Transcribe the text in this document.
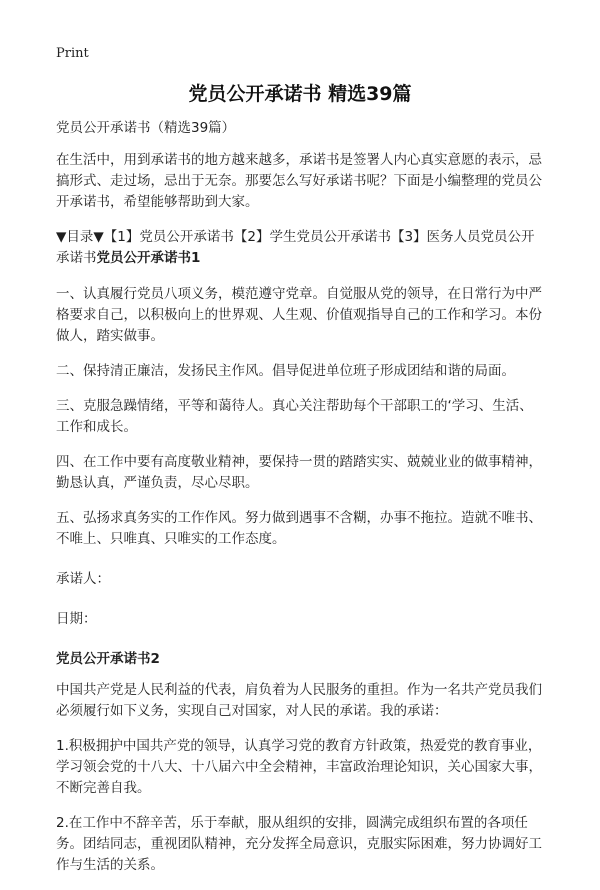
Print
党员公开承诺书 精选39篇

党员公开承诺书（精选39篇）

在生活中，用到承诺书的地方越来越多，承诺书是签署人内心真实意愿的表示，忌搞形式、走过场，忌出于无奈。那要怎么写好承诺书呢？下面是小编整理的党员公开承诺书，希望能够帮助到大家。

▼目录▼【1】党员公开承诺书【2】学生党员公开承诺书【3】医务人员党员公开承诺书党员公开承诺书1

一、认真履行党员八项义务，模范遵守党章。自觉服从党的领导，在日常行为中严格要求自己，以积极向上的世界观、人生观、价值观指导自己的工作和学习。本份做人，踏实做事。

二、保持清正廉洁，发扬民主作风。倡导促进单位班子形成团结和谐的局面。

三、克服急躁情绪，平等和蔼待人。真心关注帮助每个干部职工的‘学习、生活、工作和成长。

四、在工作中要有高度敬业精神，要保持一贯的踏踏实实、兢兢业业的做事精神，勤恳认真，严谨负责，尽心尽职。

五、弘扬求真务实的工作作风。努力做到遇事不含糊，办事不拖拉。造就不唯书、不唯上、只唯真、只唯实的工作态度。

承诺人：

日期：

党员公开承诺书2

中国共产党是人民利益的代表，肩负着为人民服务的重担。作为一名共产党员我们必须履行如下义务，实现自己对国家，对人民的承诺。我的承诺：

1.积极拥护中国共产党的领导，认真学习党的教育方针政策，热爱党的教育事业，学习领会党的十八大、十八届六中全会精神，丰富政治理论知识，关心国家大事，不断完善自我。

2.在工作中不辞辛苦，乐于奉献，服从组织的安排，圆满完成组织布置的各项任务。团结同志，重视团队精神，充分发挥全局意识，克服实际困难，努力协调好工作与生活的关系。
